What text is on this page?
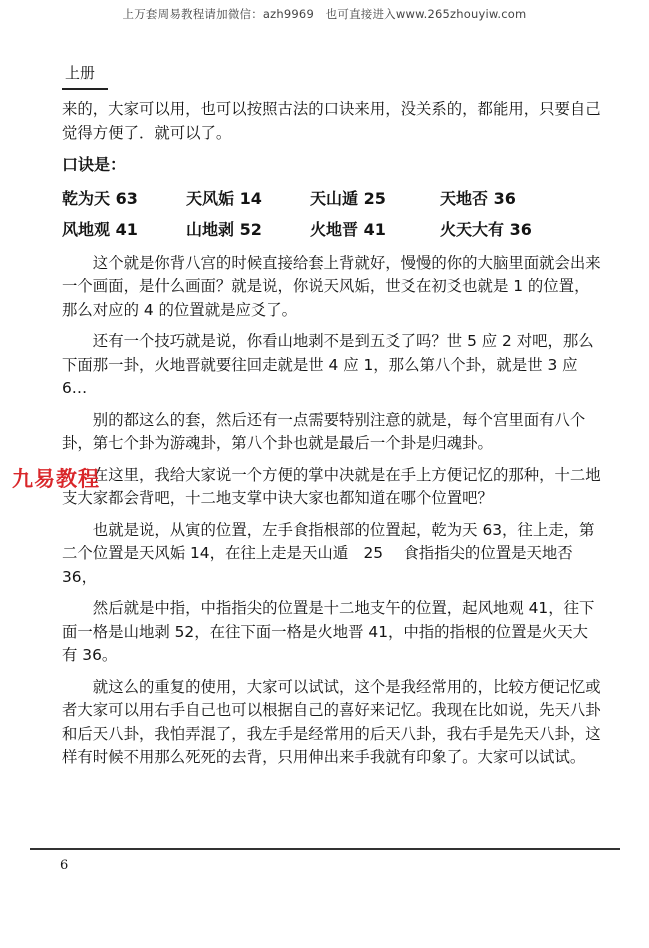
上万套周易教程请加微信：azh9969　也可直接进入www.265zhouyiw.com
上册

来的，大家可以用，也可以按照古法的口诀来用，没关系的，都能用，只要自己觉得方便了．就可以了。

口诀是：

乾为天 63	天风姤 14	天山遁 25	天地否 36
风地观 41	山地剥 52	火地晋 41	火天大有 36

这个就是你背八宫的时候直接给套上背就好，慢慢的你的大脑里面就会出来一个画面，是什么画面？就是说，你说天风姤，世爻在初爻也就是 1 的位置，那么对应的 4 的位置就是应爻了。

还有一个技巧就是说，你看山地剥不是到五爻了吗？世 5 应 2 对吧，那么下面那一卦，火地晋就要往回走就是世 4 应 1，那么第八个卦，就是世 3 应 6…

别的都这么的套，然后还有一点需要特别注意的就是，每个宫里面有八个卦，第七个卦为游魂卦，第八个卦也就是最后一个卦是归魂卦。

在这里，我给大家说一个方便的掌中决就是在手上方便记忆的那种，十二地支大家都会背吧，十二地支掌中诀大家也都知道在哪个位置吧？

也就是说，从寅的位置，左手食指根部的位置起，乾为天 63，往上走，第二个位置是天风姤 14，在往上走是天山遁　25　 食指指尖的位置是天地否 36，

然后就是中指，中指指尖的位置是十二地支午的位置，起风地观 41，往下面一格是山地剥 52，在往下面一格是火地晋 41，中指的指根的位置是火天大有 36。

就这么的重复的使用，大家可以试试，这个是我经常用的，比较方便记忆或者大家可以用右手自己也可以根据自己的喜好来记忆。我现在比如说，先天八卦和后天八卦，我怕弄混了，我左手是经常用的后天八卦，我右手是先天八卦，这样有时候不用那么死死的去背，只用伸出来手我就有印象了。大家可以试试。

九易教程
6
